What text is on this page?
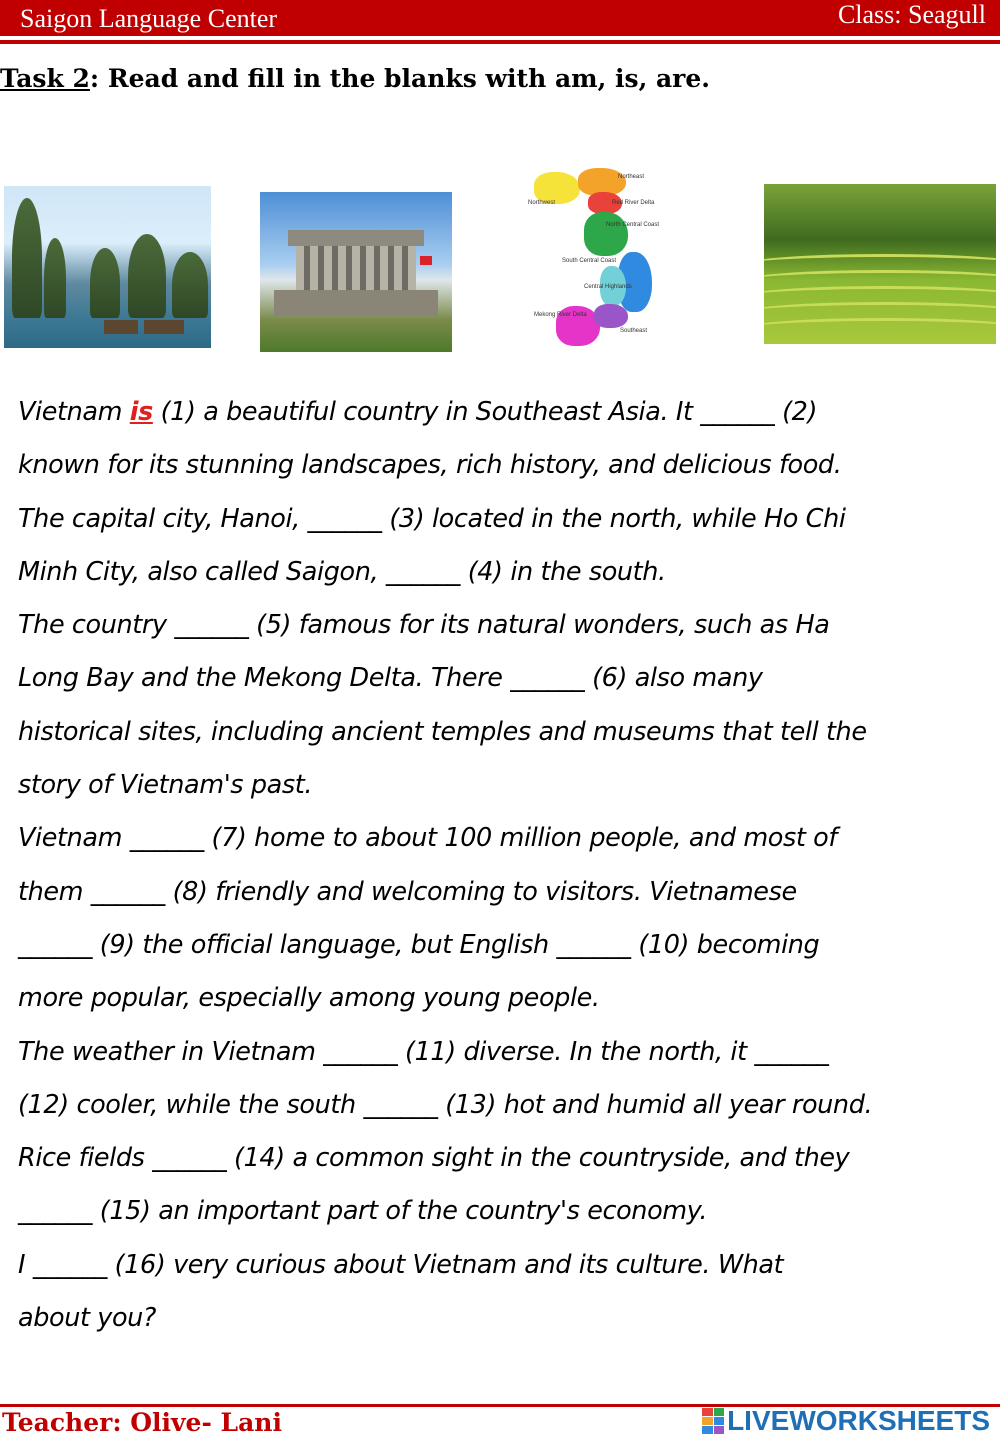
Saigon Language Center	Class: Seagull
Task 2: Read and fill in the blanks with am, is, are.
Northeast
Northwest	Red River Delta
North Central Coast
South Central Coast
Central Highlands
Mekong River Delta
Southeast
Vietnam is (1) a beautiful country in Southeast Asia. It ______ (2)
known for its stunning landscapes, rich history, and delicious food.
The capital city, Hanoi, ______ (3) located in the north, while Ho Chi
Minh City, also called Saigon, ______ (4) in the south.
The country ______ (5) famous for its natural wonders, such as Ha
Long Bay and the Mekong Delta. There ______ (6) also many
historical sites, including ancient temples and museums that tell the
story of Vietnam's past.
Vietnam ______ (7) home to about 100 million people, and most of
them ______ (8) friendly and welcoming to visitors. Vietnamese
______ (9) the official language, but English ______ (10) becoming
more popular, especially among young people.
The weather in Vietnam ______ (11) diverse. In the north, it ______
(12) cooler, while the south ______ (13) hot and humid all year round.
Rice fields ______ (14) a common sight in the countryside, and they
______ (15) an important part of the country's economy.
I ______ (16) very curious about Vietnam and its culture. What
about you?
Teacher: Olive- Lani	LIVEWORKSHEETS
